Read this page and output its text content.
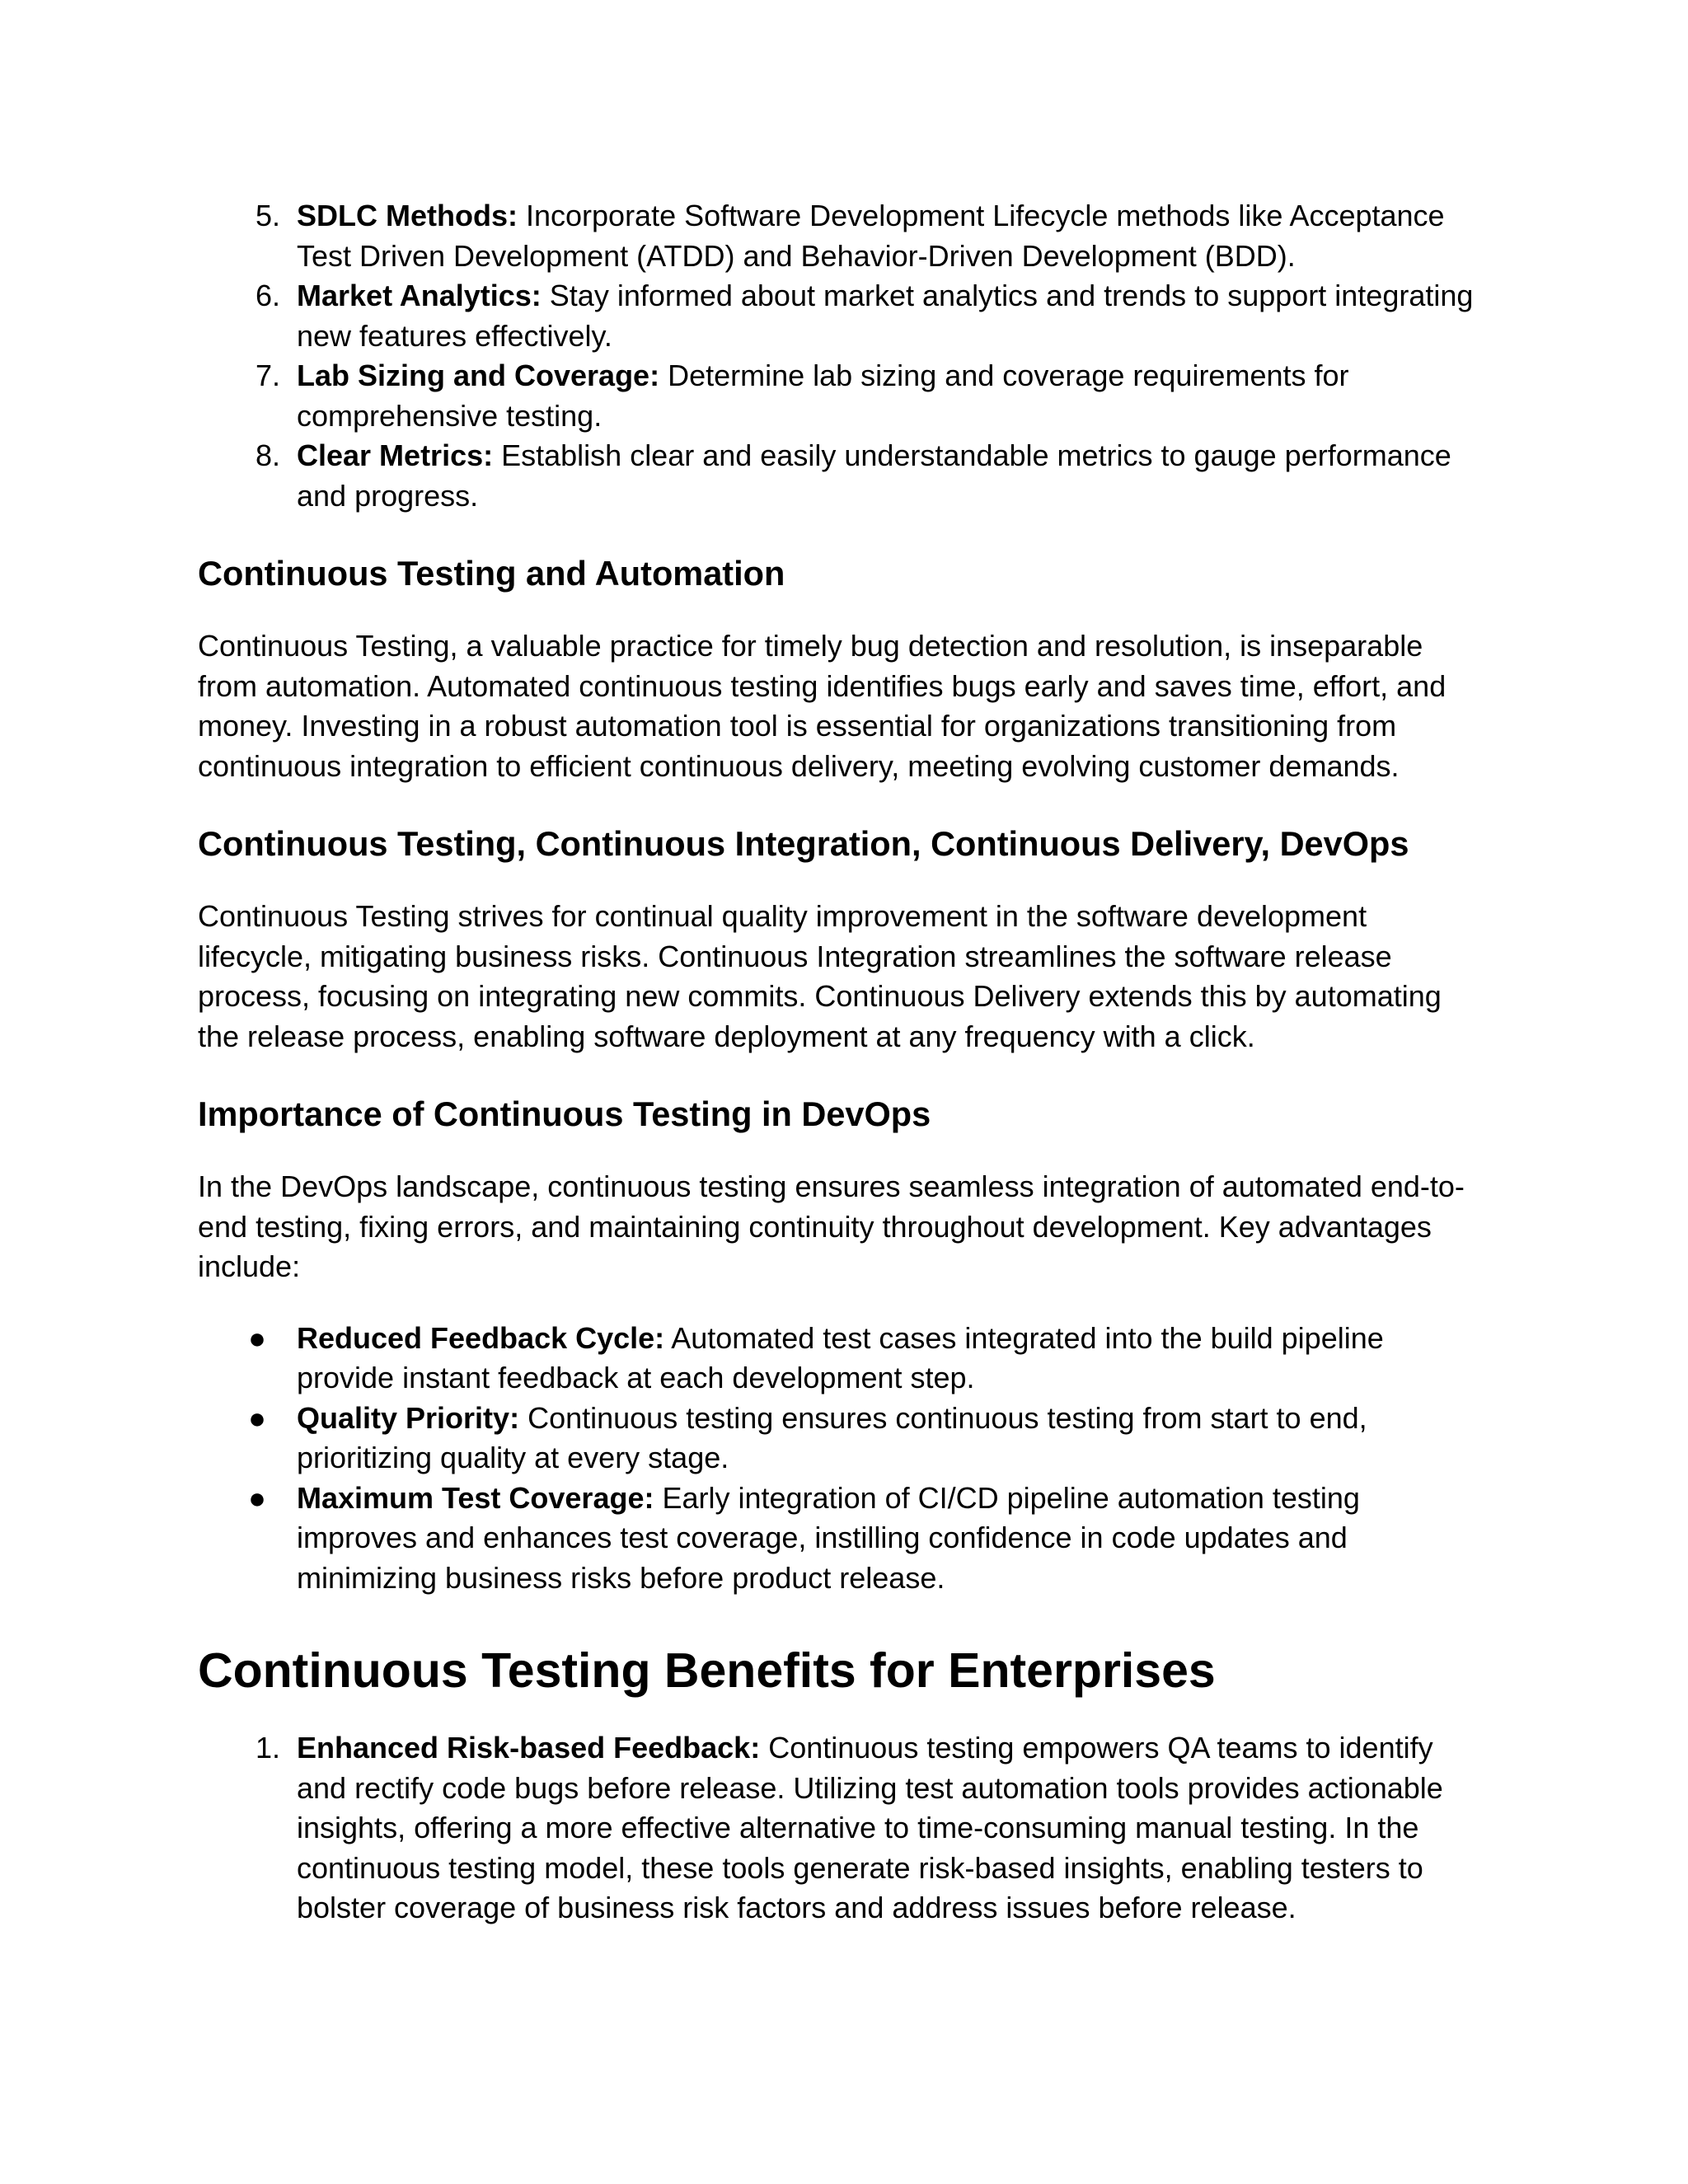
5. SDLC Methods: Incorporate Software Development Lifecycle methods like Acceptance Test Driven Development (ATDD) and Behavior-Driven Development (BDD).
6. Market Analytics: Stay informed about market analytics and trends to support integrating new features effectively.
7. Lab Sizing and Coverage: Determine lab sizing and coverage requirements for comprehensive testing.
8. Clear Metrics: Establish clear and easily understandable metrics to gauge performance and progress.
Continuous Testing and Automation

Continuous Testing, a valuable practice for timely bug detection and resolution, is inseparable from automation. Automated continuous testing identifies bugs early and saves time, effort, and money. Investing in a robust automation tool is essential for organizations transitioning from continuous integration to efficient continuous delivery, meeting evolving customer demands.

Continuous Testing, Continuous Integration, Continuous Delivery, DevOps

Continuous Testing strives for continual quality improvement in the software development lifecycle, mitigating business risks. Continuous Integration streamlines the software release process, focusing on integrating new commits. Continuous Delivery extends this by automating the release process, enabling software deployment at any frequency with a click.

Importance of Continuous Testing in DevOps

In the DevOps landscape, continuous testing ensures seamless integration of automated end-to-end testing, fixing errors, and maintaining continuity throughout development. Key advantages include:

● Reduced Feedback Cycle: Automated test cases integrated into the build pipeline provide instant feedback at each development step.
● Quality Priority: Continuous testing ensures continuous testing from start to end, prioritizing quality at every stage.
● Maximum Test Coverage: Early integration of CI/CD pipeline automation testing improves and enhances test coverage, instilling confidence in code updates and minimizing business risks before product release.
Continuous Testing Benefits for Enterprises
1. Enhanced Risk-based Feedback: Continuous testing empowers QA teams to identify and rectify code bugs before release. Utilizing test automation tools provides actionable insights, offering a more effective alternative to time-consuming manual testing. In the continuous testing model, these tools generate risk-based insights, enabling testers to bolster coverage of business risk factors and address issues before release.
